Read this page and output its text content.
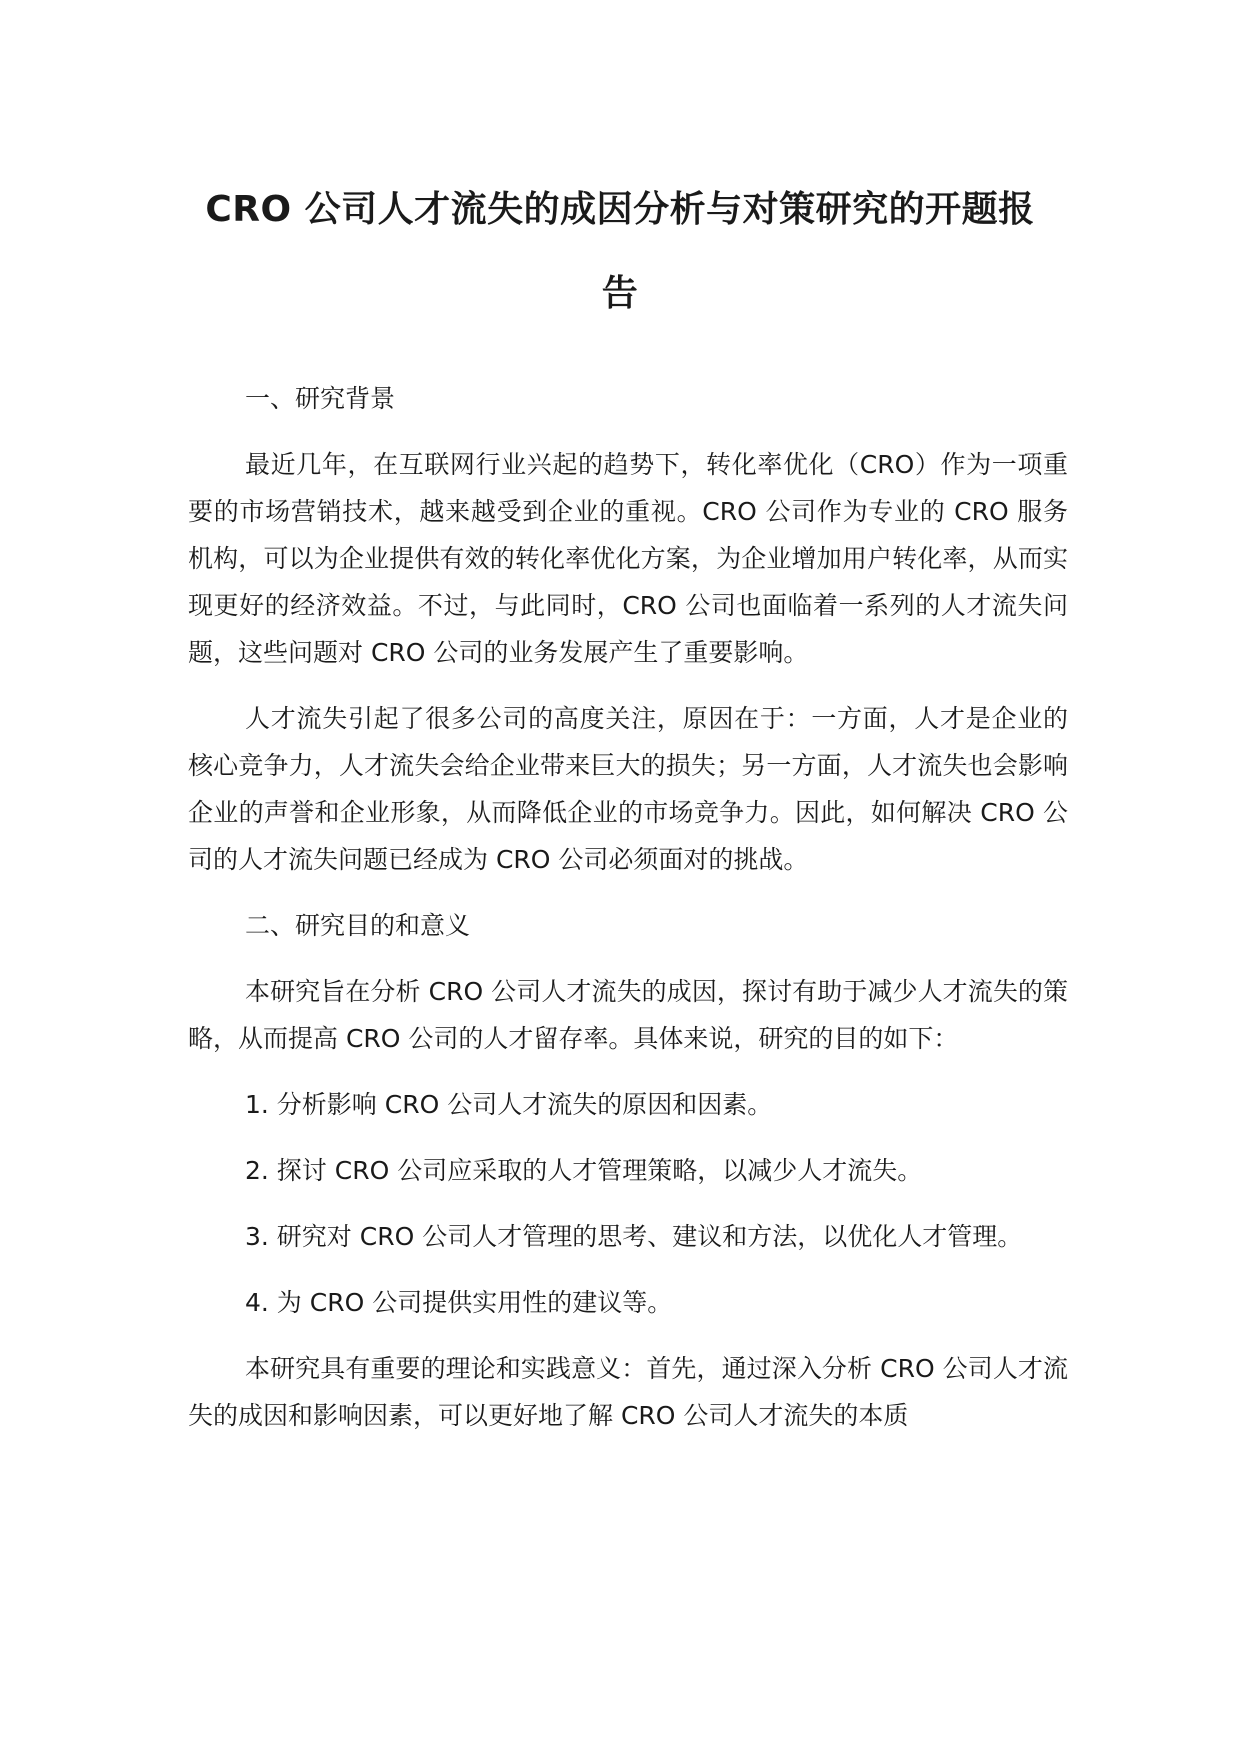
CRO 公司人才流失的成因分析与对策研究的开题报告

一、研究背景

最近几年，在互联网行业兴起的趋势下，转化率优化（CRO）作为一项重要的市场营销技术，越来越受到企业的重视。CRO 公司作为专业的 CRO 服务机构，可以为企业提供有效的转化率优化方案，为企业增加用户转化率，从而实现更好的经济效益。不过，与此同时，CRO 公司也面临着一系列的人才流失问题，这些问题对 CRO 公司的业务发展产生了重要影响。

人才流失引起了很多公司的高度关注，原因在于：一方面，人才是企业的核心竞争力，人才流失会给企业带来巨大的损失；另一方面，人才流失也会影响企业的声誉和企业形象，从而降低企业的市场竞争力。因此，如何解决 CRO 公司的人才流失问题已经成为 CRO 公司必须面对的挑战。

二、研究目的和意义

本研究旨在分析 CRO 公司人才流失的成因，探讨有助于减少人才流失的策略，从而提高 CRO 公司的人才留存率。具体来说，研究的目的如下：

1. 分析影响 CRO 公司人才流失的原因和因素。

2. 探讨 CRO 公司应采取的人才管理策略，以减少人才流失。

3. 研究对 CRO 公司人才管理的思考、建议和方法，以优化人才管理。

4. 为 CRO 公司提供实用性的建议等。

本研究具有重要的理论和实践意义：首先，通过深入分析 CRO 公司人才流失的成因和影响因素，可以更好地了解 CRO 公司人才流失的本质
